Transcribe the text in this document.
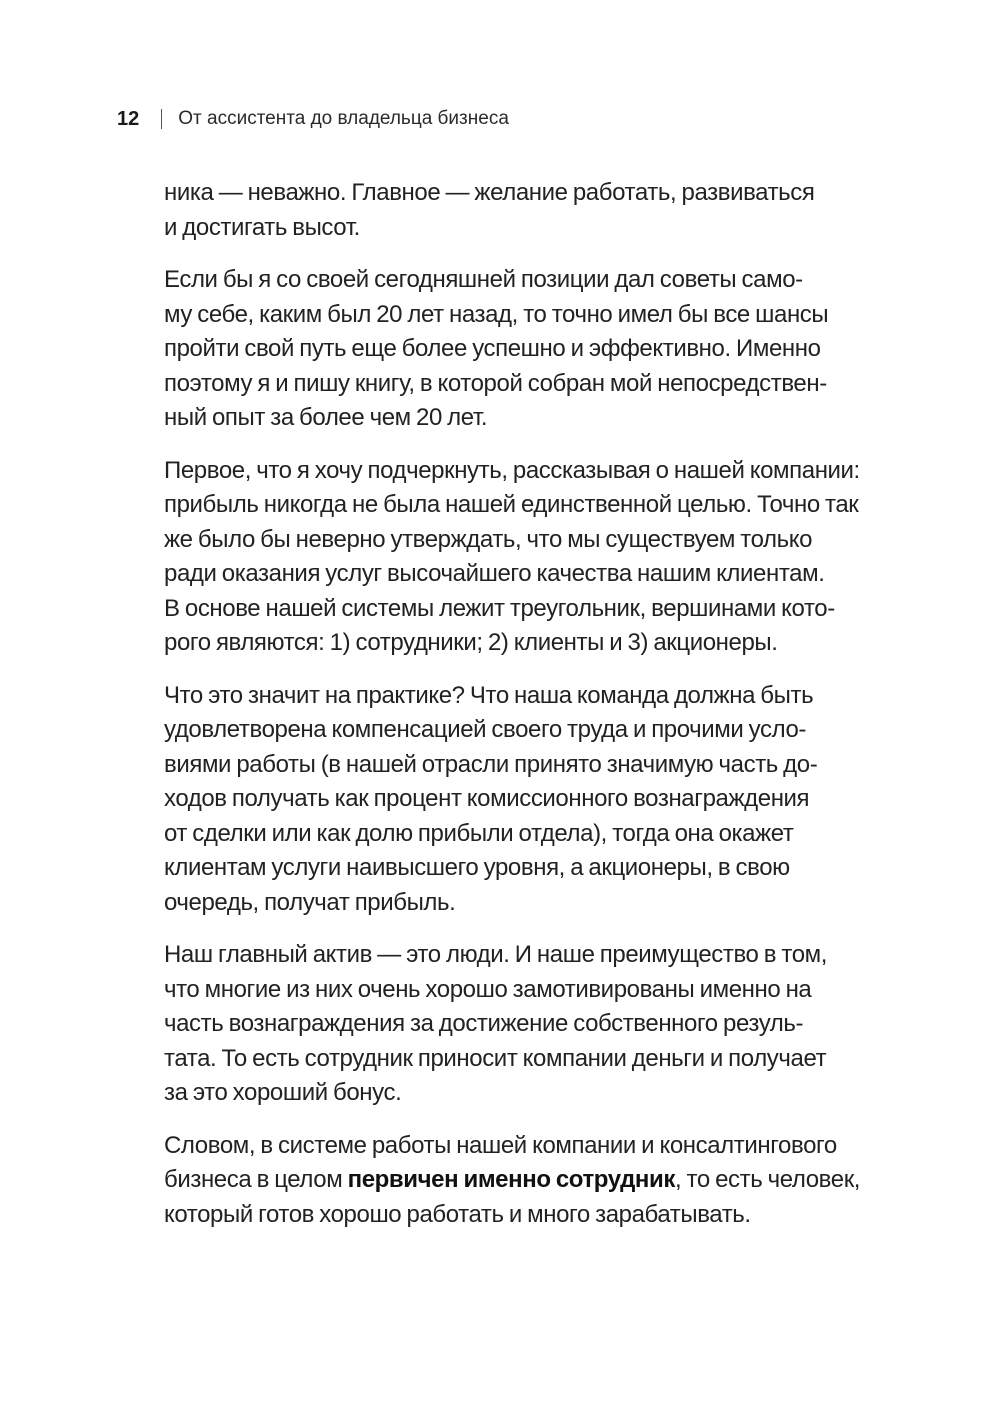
12 От ассистента до владельца бизнеса

ника — неважно. Главное — желание работать, развиваться
и достигать высот.

Если бы я со своей сегодняшней позиции дал советы само-
му себе, каким был 20 лет назад, то точно имел бы все шансы
пройти свой путь еще более успешно и эффективно. Именно
поэтому я и пишу книгу, в которой собран мой непосредствен-
ный опыт за более чем 20 лет.

Первое, что я хочу подчеркнуть, рассказывая о нашей компании:
прибыль никогда не была нашей единственной целью. Точно так
же было бы неверно утверждать, что мы существуем только
ради оказания услуг высочайшего качества нашим клиентам.
В основе нашей системы лежит треугольник, вершинами кото-
рого являются: 1) сотрудники; 2) клиенты и 3) акционеры.

Что это значит на практике? Что наша команда должна быть
удовлетворена компенсацией своего труда и прочими усло-
виями работы (в нашей отрасли принято значимую часть до-
ходов получать как процент комиссионного вознаграждения
от сделки или как долю прибыли отдела), тогда она окажет
клиентам услуги наивысшего уровня, а акционеры, в свою
очередь, получат прибыль.

Наш главный актив — это люди. И наше преимущество в том,
что многие из них очень хорошо замотивированы именно на
часть вознаграждения за достижение собственного резуль-
тата. То есть сотрудник приносит компании деньги и получает
за это хороший бонус.

Словом, в системе работы нашей компании и консалтингового
бизнеса в целом первичен именно сотрудник, то есть человек,
который готов хорошо работать и много зарабатывать.
